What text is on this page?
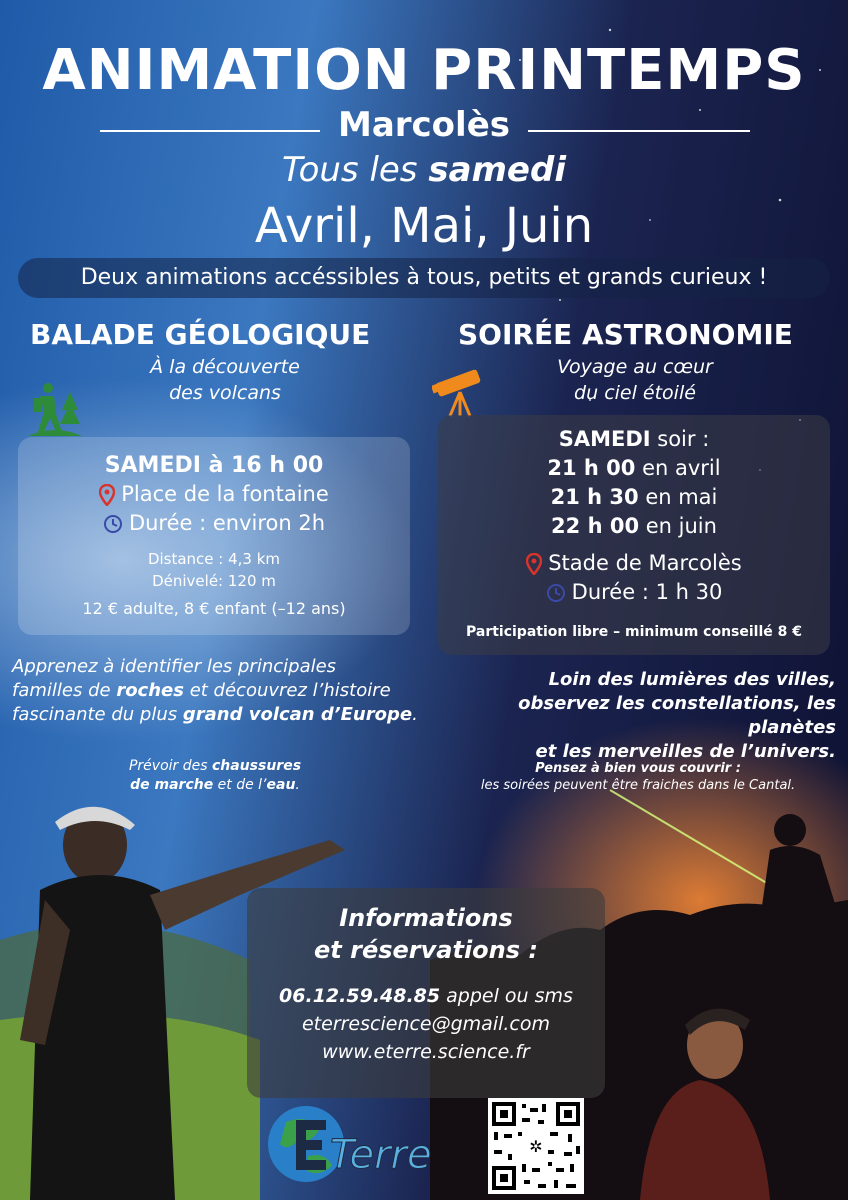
ANIMATION PRINTEMPS
Marcolès
Tous les samedi
Avril, Mai, Juin
Deux animations accéssibles à tous, petits et grands curieux !
BALADE GÉOLOGIQUE
À la découverte
des volcans
SAMEDI à 16 h 00
Place de la fontaine
Durée : environ 2h
Distance : 4,3 km
Dénivelé: 120 m
12 € adulte, 8 € enfant (–12 ans)
Apprenez à identifier les principales
familles de roches et découvrez l’histoire
fascinante du plus grand volcan d’Europe.
Prévoir des chaussures
de marche et de l’eau.
SOIRÉE ASTRONOMIE
Voyage au cœur
du ciel étoilé
SAMEDI soir :
21 h 00 en avril
21 h 30 en mai
22 h 00 en juin
Stade de Marcolès
Durée : 1 h 30
Participation libre – minimum conseillé 8 €
Loin des lumières des villes,
observez les constellations, les planètes
et les merveilles de l’univers.
Pensez à bien vous couvrir :
les soirées peuvent être fraiches dans le Cantal.
Informations
et réservations :
06.12.59.48.85 appel ou sms
eterrescience@gmail.com
www.eterre.science.fr
Terre	✲
